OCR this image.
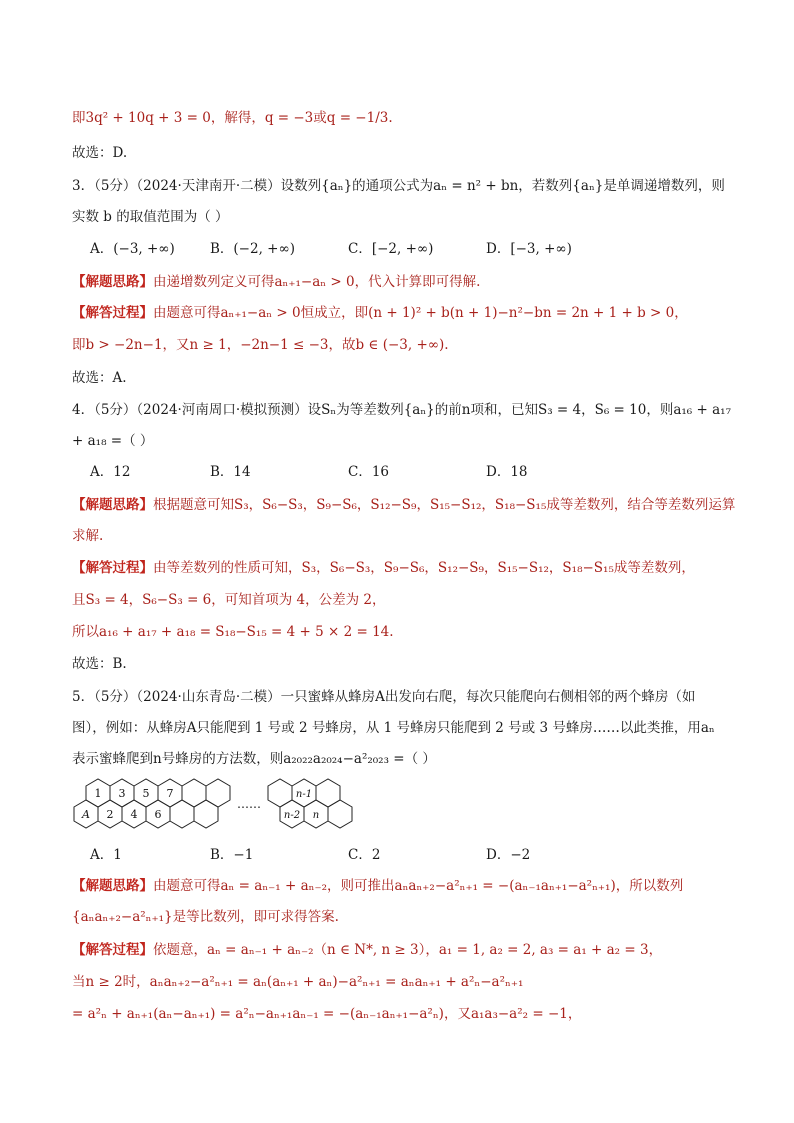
即3q² + 10q + 3 = 0，解得，q = −3或q = −1/3.
故选：D.
3．（5分）（2024·天津南开·二模）设数列{aₙ}的通项公式为aₙ = n² + bn，若数列{aₙ}是单调递增数列，则
实数 b 的取值范围为（ ）
A．(−3, +∞)	B．(−2, +∞)	C．[−2, +∞)	D．[−3, +∞)
【解题思路】由递增数列定义可得aₙ₊₁−aₙ > 0，代入计算即可得解.
【解答过程】由题意可得aₙ₊₁−aₙ > 0恒成立，即(n + 1)² + b(n + 1)−n²−bn = 2n + 1 + b > 0，
即b > −2n−1，又n ≥ 1，−2n−1 ≤ −3，故b ∈ (−3, +∞).
故选：A.
4．（5分）（2024·河南周口·模拟预测）设Sₙ为等差数列{aₙ}的前n项和，已知S₃ = 4，S₆ = 10，则a₁₆ + a₁₇
+ a₁₈ =（ ）
A．12	B．14	C．16	D．18
【解题思路】根据题意可知S₃，S₆−S₃，S₉−S₆，S₁₂−S₉，S₁₅−S₁₂，S₁₈−S₁₅成等差数列，结合等差数列运算
求解.
【解答过程】由等差数列的性质可知，S₃，S₆−S₃，S₉−S₆，S₁₂−S₉，S₁₅−S₁₂，S₁₈−S₁₅成等差数列，
且S₃ = 4，S₆−S₃ = 6，可知首项为 4，公差为 2，
所以a₁₆ + a₁₇ + a₁₈ = S₁₈−S₁₅ = 4 + 5 × 2 = 14.
故选：B.
5．（5分）（2024·山东青岛·二模）一只蜜蜂从蜂房A出发向右爬，每次只能爬向右侧相邻的两个蜂房（如
图），例如：从蜂房A只能爬到 1 号或 2 号蜂房，从 1 号蜂房只能爬到 2 号或 3 号蜂房……以此类推，用aₙ
表示蜜蜂爬到n号蜂房的方法数，则a₂₀₂₂a₂₀₂₄−a²₂₀₂₃ =（ ）
1 3 5 7
A 2 4 6
……
n-1
n-2 n
A．1	B．−1	C．2	D．−2
【解题思路】由题意可得aₙ = aₙ₋₁ + aₙ₋₂，则可推出aₙaₙ₊₂−a²ₙ₊₁ = −(aₙ₋₁aₙ₊₁−a²ₙ₊₁)，所以数列
{aₙaₙ₊₂−a²ₙ₊₁}是等比数列，即可求得答案.
【解答过程】依题意，aₙ = aₙ₋₁ + aₙ₋₂（n ∈ N*, n ≥ 3），a₁ = 1, a₂ = 2, a₃ = a₁ + a₂ = 3，
当n ≥ 2时，aₙaₙ₊₂−a²ₙ₊₁ = aₙ(aₙ₊₁ + aₙ)−a²ₙ₊₁ = aₙaₙ₊₁ + a²ₙ−a²ₙ₊₁
= a²ₙ + aₙ₊₁(aₙ−aₙ₊₁) = a²ₙ−aₙ₊₁aₙ₋₁ = −(aₙ₋₁aₙ₊₁−a²ₙ)，又a₁a₃−a²₂ = −1，
